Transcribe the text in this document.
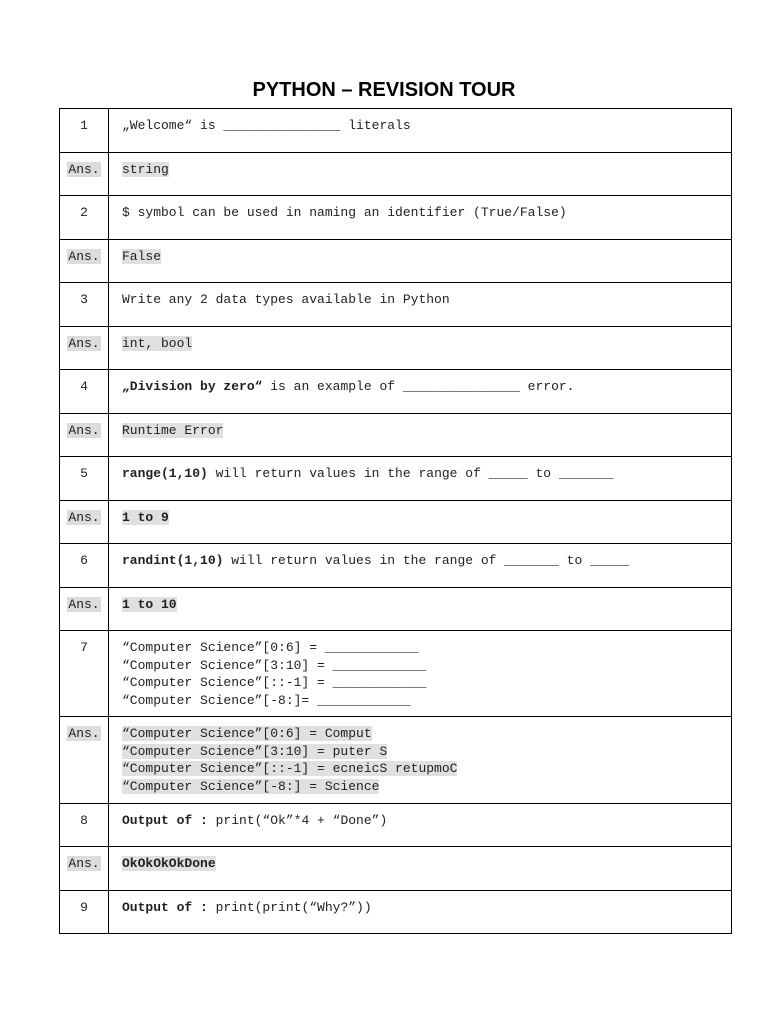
PYTHON – REVISION TOUR
1	„Welcome“ is _______________ literals

Ans.	string

2	$ symbol can be used in naming an identifier (True/False)

Ans.	False

3	Write any 2 data types available in Python

Ans.	int, bool

4	„Division by zero“ is an example of _______________ error.

Ans.	Runtime Error

5	range(1,10) will return values in the range of _____ to _______

Ans.	1 to 9

6	randint(1,10) will return values in the range of _______ to _____

Ans.	1 to 10

7	“Computer Science”[0:6] = ____________
“Computer Science”[3:10] = ____________
“Computer Science”[::-1] = ____________
“Computer Science”[-8:]= ____________

Ans.	“Computer Science”[0:6] = Comput
“Computer Science”[3:10] = puter S
“Computer Science”[::-1] = ecneicS retupmoC
“Computer Science”[-8:] = Science

8	Output of : print(“Ok”*4 + “Done”)

Ans.	OkOkOkOkDone

9	Output of : print(print(“Why?”))
